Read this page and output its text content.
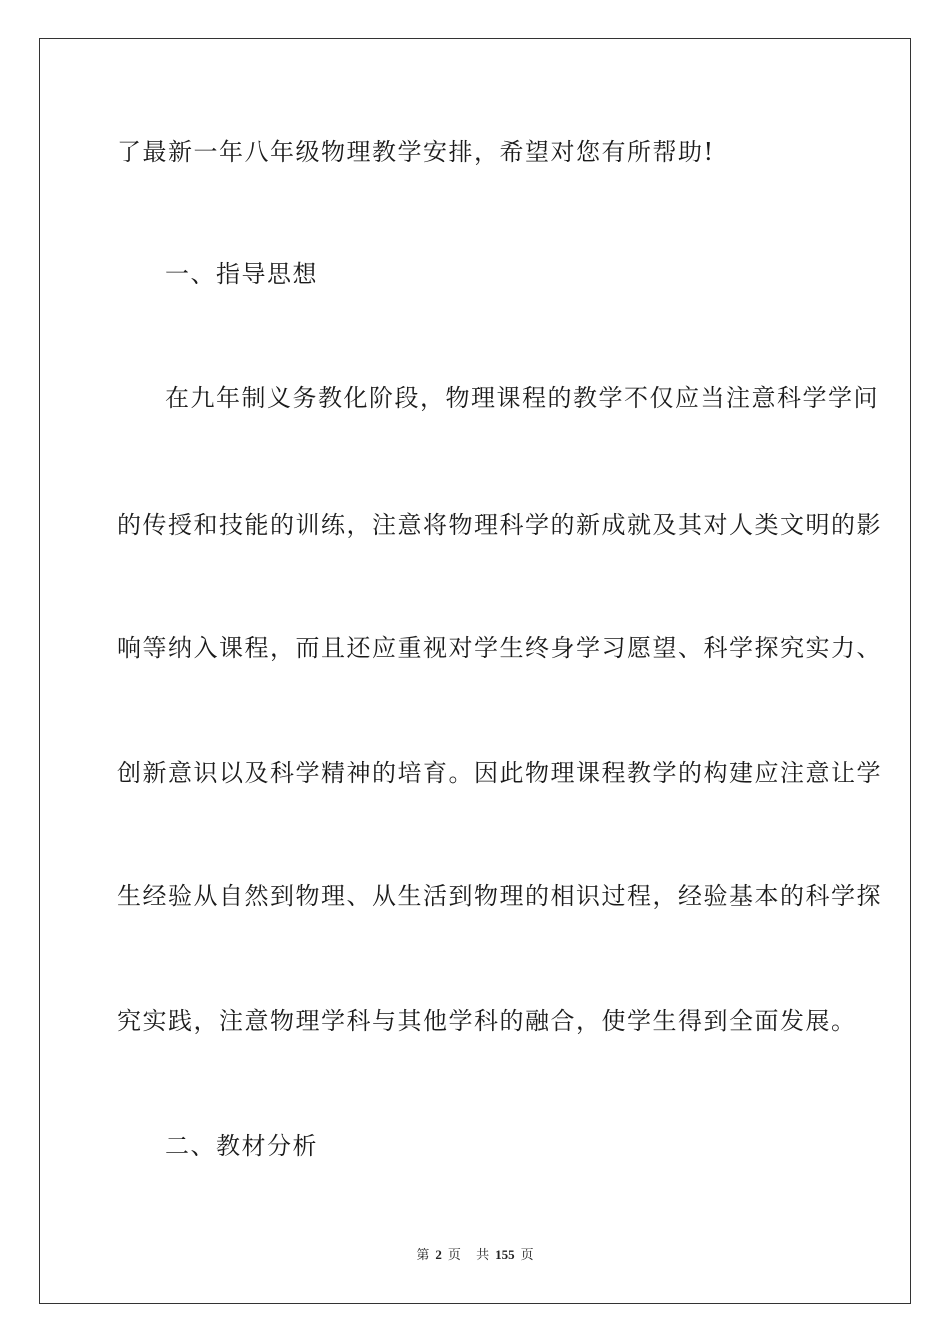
了最新一年八年级物理教学安排，希望对您有所帮助!
一、指导思想
在九年制义务教化阶段，物理课程的教学不仅应当注意科学学问
的传授和技能的训练，注意将物理科学的新成就及其对人类文明的影
响等纳入课程，而且还应重视对学生终身学习愿望、科学探究实力、
创新意识以及科学精神的培育。因此物理课程教学的构建应注意让学
生经验从自然到物理、从生活到物理的相识过程，经验基本的科学探
究实践，注意物理学科与其他学科的融合，使学生得到全面发展。
二、教材分析
第 2 页 共 155 页
